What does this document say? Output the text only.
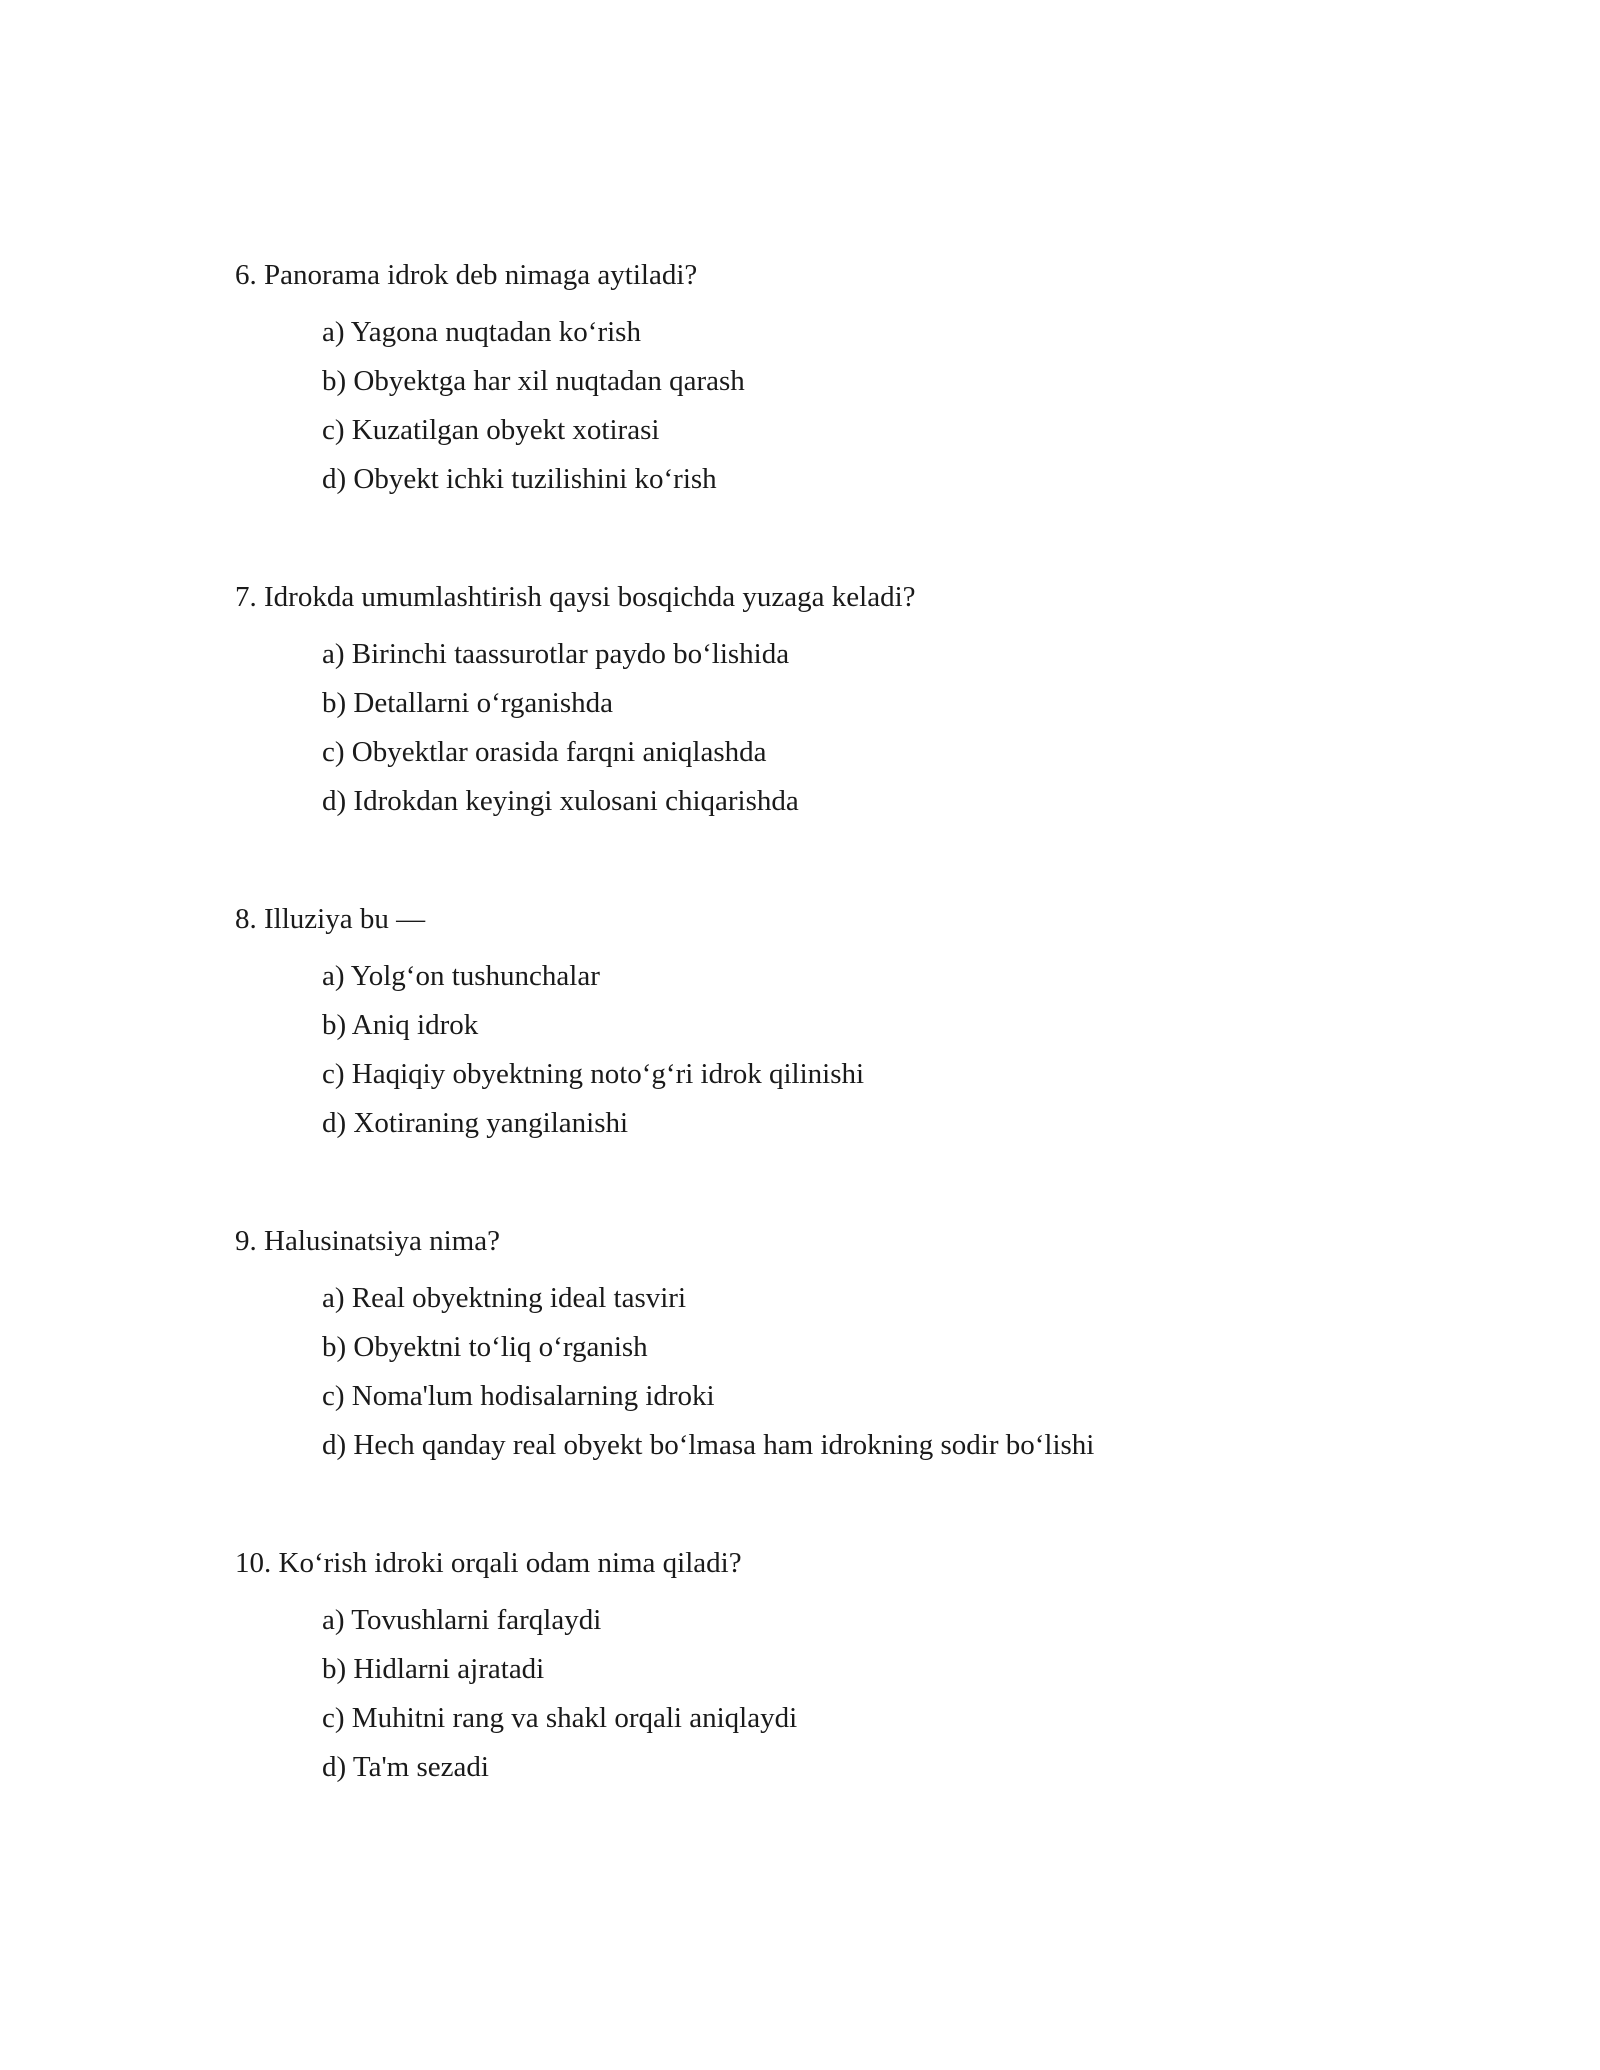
6. Panorama idrok deb nimaga aytiladi?

a) Yagona nuqtadan ko‘rish
b) Obyektga har xil nuqtadan qarash
c) Kuzatilgan obyekt xotirasi
d) Obyekt ichki tuzilishini ko‘rish

7. Idrokda umumlashtirish qaysi bosqichda yuzaga keladi?

a) Birinchi taassurotlar paydo bo‘lishida
b) Detallarni o‘rganishda
c) Obyektlar orasida farqni aniqlashda
d) Idrokdan keyingi xulosani chiqarishda

8. Illuziya bu —

a) Yolg‘on tushunchalar
b) Aniq idrok
c) Haqiqiy obyektning noto‘g‘ri idrok qilinishi
d) Xotiraning yangilanishi

9. Halusinatsiya nima?

a) Real obyektning ideal tasviri
b) Obyektni to‘liq o‘rganish
c) Noma'lum hodisalarning idroki
d) Hech qanday real obyekt bo‘lmasa ham idrokning sodir bo‘lishi

10. Ko‘rish idroki orqali odam nima qiladi?

a) Tovushlarni farqlaydi
b) Hidlarni ajratadi
c) Muhitni rang va shakl orqali aniqlaydi
d) Ta'm sezadi
